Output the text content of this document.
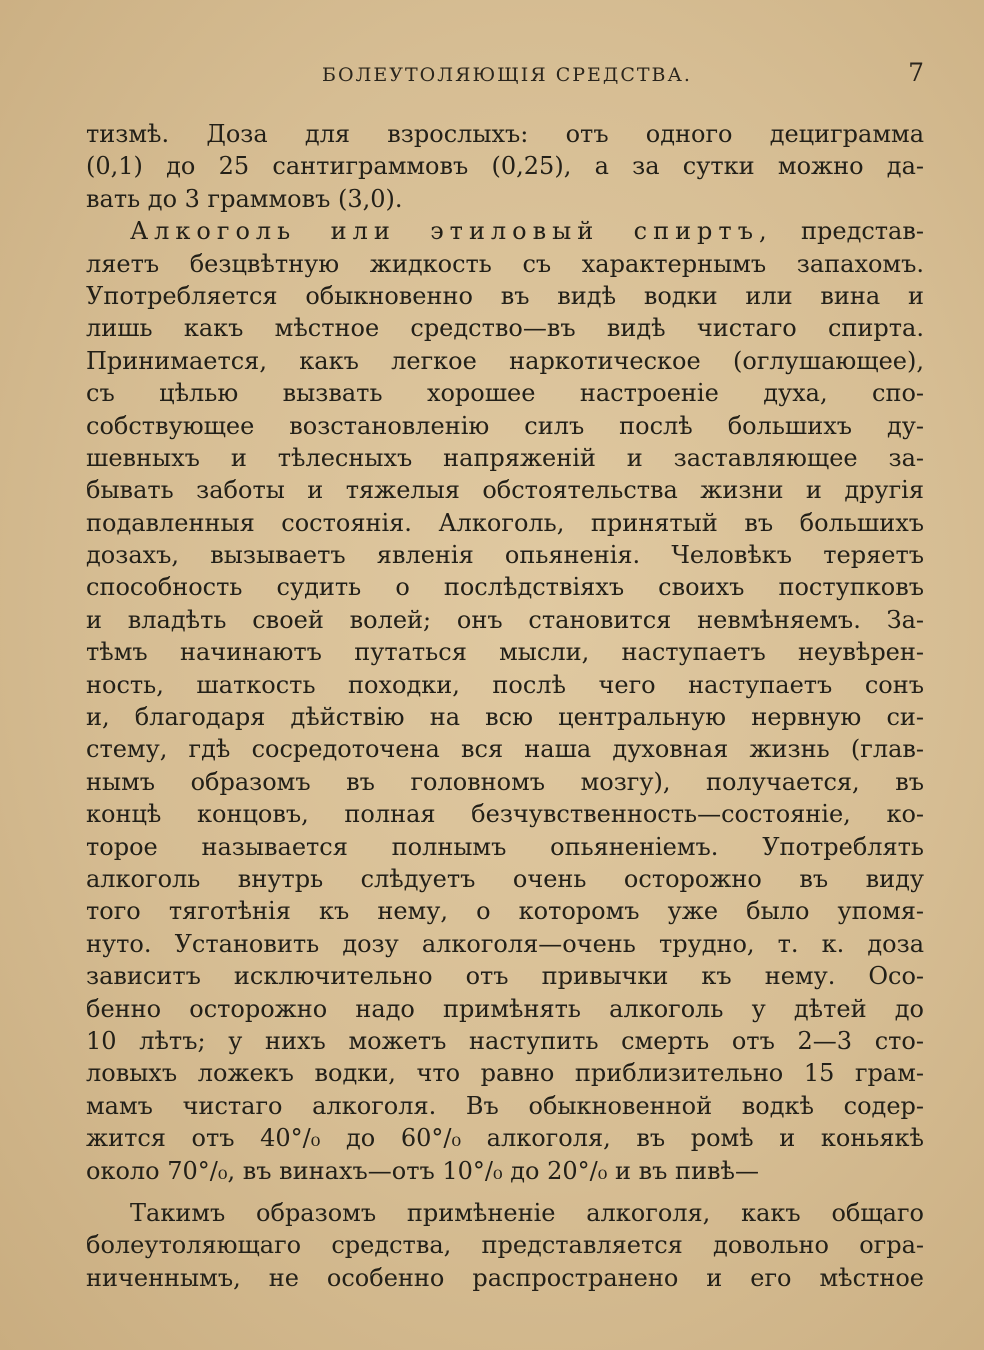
БОЛЕУТОЛЯЮЩІЯ СРЕДСТВА.	7
тизмѣ. Доза для взрослыхъ: отъ одного дециграмма
(0,1) до 25 сантиграммовъ (0,25), а за сутки можно да-
вать до 3 граммовъ (3,0).
Алкоголь или этиловый спиртъ, представ-
ляетъ безцвѣтную жидкость съ характернымъ запахомъ.
Употребляется обыкновенно въ видѣ водки или вина и
лишь какъ мѣстное средство—въ видѣ чистаго спирта.
Принимается, какъ легкое наркотическое (оглушающее),
съ цѣлью вызвать хорошее настроеніе духа, спо-
собствующее возстановленію силъ послѣ большихъ ду-
шевныхъ и тѣлесныхъ напряженій и заставляющее за-
бывать заботы и тяжелыя обстоятельства жизни и другія
подавленныя состоянія. Алкоголь, принятый въ большихъ
дозахъ, вызываетъ явленія опьяненія. Человѣкъ теряетъ
способность судить о послѣдствіяхъ своихъ поступковъ
и владѣть своей волей; онъ становится невмѣняемъ. За-
тѣмъ начинаютъ путаться мысли, наступаетъ неувѣрен-
ность, шаткость походки, послѣ чего наступаетъ сонъ
и, благодаря дѣйствію на всю центральную нервную си-
стему, гдѣ сосредоточена вся наша духовная жизнь (глав-
нымъ образомъ въ головномъ мозгу), получается, въ
концѣ концовъ, полная безчувственность—состояніе, ко-
торое называется полнымъ опьяненіемъ. Употреблять
алкоголь внутрь слѣдуетъ очень осторожно въ виду
того тяготѣнія къ нему, о которомъ уже было упомя-
нуто. Установить дозу алкоголя—очень трудно, т. к. доза
зависитъ исключительно отъ привычки къ нему. Осо-
бенно осторожно надо примѣнять алкоголь у дѣтей до
10 лѣтъ; у нихъ можетъ наступить смерть отъ 2—3 сто-
ловыхъ ложекъ водки, что равно приблизительно 15 грам-
мамъ чистаго алкоголя. Въ обыкновенной водкѣ содер-
жится отъ 40°/₀ до 60°/₀ алкоголя, въ ромѣ и коньякѣ
около 70°/₀, въ винахъ—отъ 10°/₀ до 20°/₀ и въ пивѣ—
Такимъ образомъ примѣненіе алкоголя, какъ общаго
болеутоляющаго средства, представляется довольно огра-
ниченнымъ, не особенно распространено и его мѣстное
